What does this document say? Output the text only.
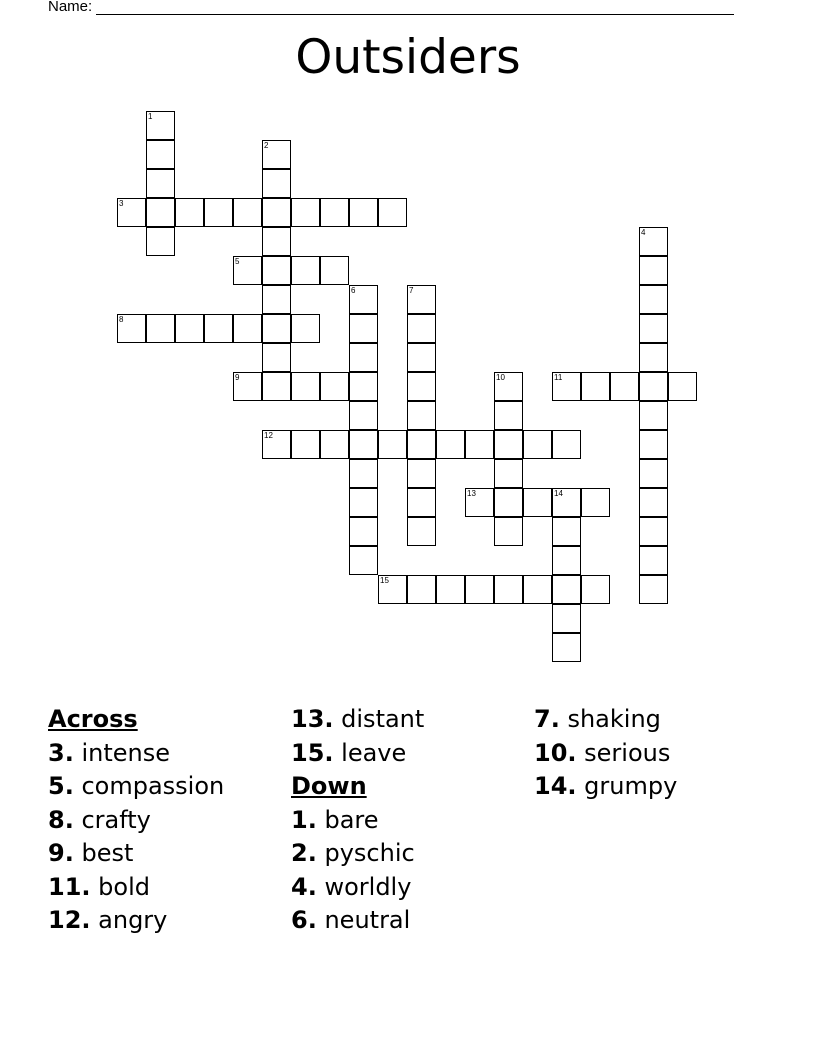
Name:
Outsiders
1
2
3
4
5
6	7
8
9	10	11
12
13	14
15
Across
3. intense
5. compassion
8. crafty
9. best
11. bold
12. angry
13. distant
15. leave
Down
1. bare
2. pyschic
4. worldly
6. neutral
7. shaking
10. serious
14. grumpy
